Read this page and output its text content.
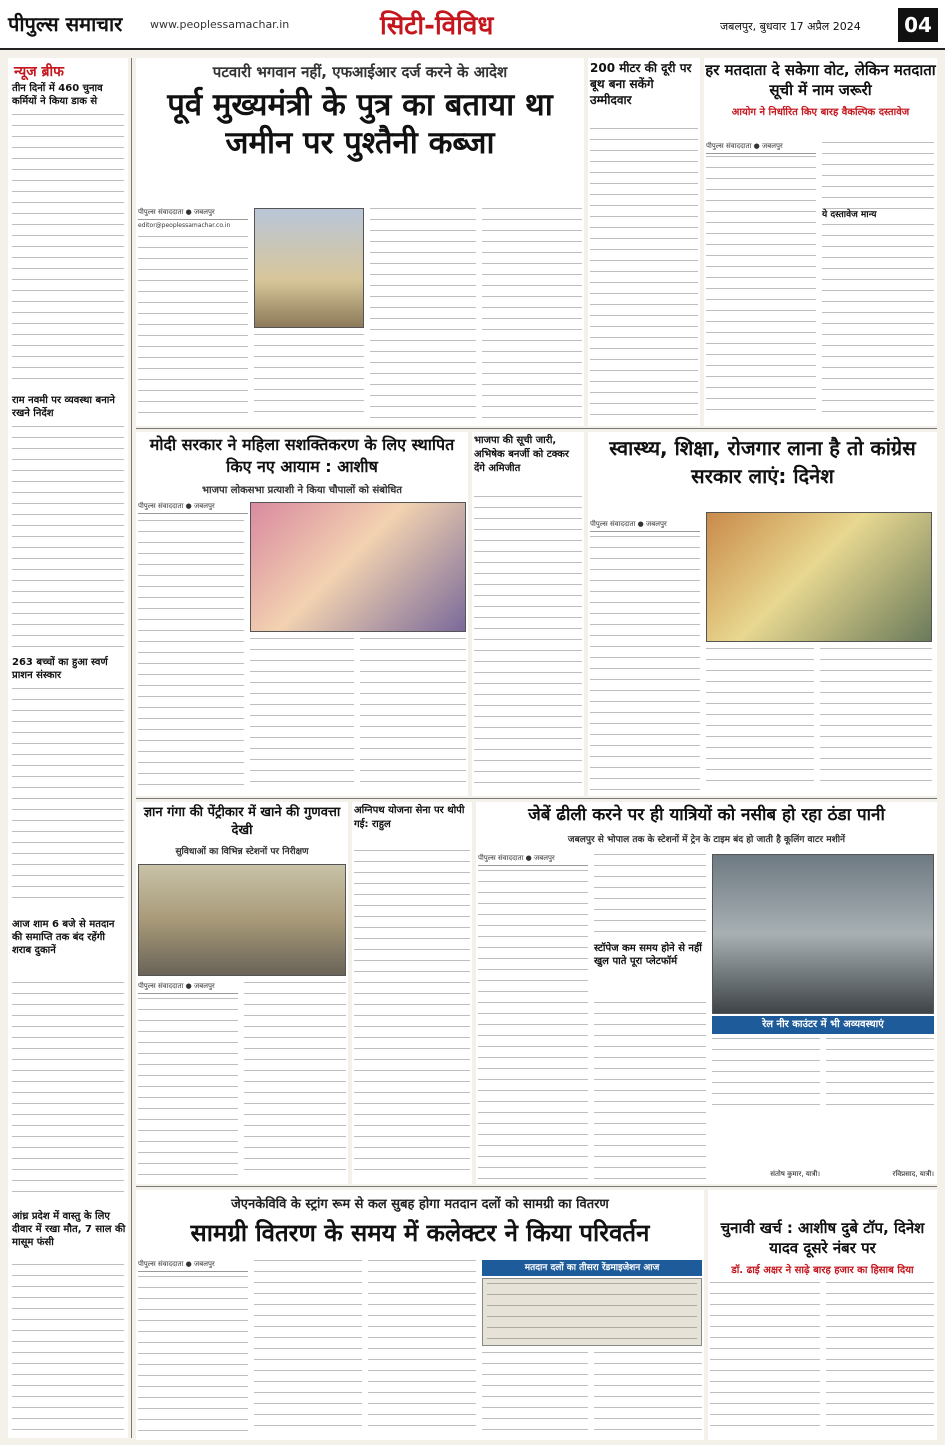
पीपुल्स समाचार	www.peoplessamachar.in	सिटी-विविध	जबलपुर, बुधवार 17 अप्रैल 2024	04
न्यूज ब्रीफ
तीन दिनों में 460 चुनाव कर्मियों ने किया डाक से
राम नवमी पर व्यवस्था बनाने रखने निर्देश
263 बच्चों का हुआ स्वर्ण प्राशन संस्कार
आज शाम 6 बजे से मतदान की समाप्ति तक बंद रहेंगी शराब दुकानें
आंध्र प्रदेश में वास्तु के लिए दीवार में रखा मौत, 7 साल की मासूम फंसी
पटवारी भगवान नहीं, एफआईआर दर्ज करने के आदेश
पूर्व मुख्यमंत्री के पुत्र का बताया था जमीन पर पुश्तैनी कब्जा
पीपुल्स संवाददाता ● जबलपुर
editor@peoplessamachar.co.in
200 मीटर की दूरी पर बूथ बना सकेंगे उम्मीदवार
हर मतदाता दे सकेगा वोट, लेकिन मतदाता सूची में नाम जरूरी
आयोग ने निर्धारित किए बारह वैकल्पिक दस्तावेज
पीपुल्स संवाददाता ● जबलपुर
ये दस्तावेज मान्य
मोदी सरकार ने महिला सशक्तिकरण के लिए स्थापित किए नए आयाम : आशीष
भाजपा लोकसभा प्रत्याशी ने किया चौपालों को संबोधित
पीपुल्स संवाददाता ● जबलपुर
भाजपा की सूची जारी, अभिषेक बनर्जी को टक्कर देंगे अमिजीत
स्वास्थ्य, शिक्षा, रोजगार लाना है तो कांग्रेस सरकार लाएं: दिनेश
पीपुल्स संवाददाता ● जबलपुर
ज्ञान गंगा की पेंट्रीकार में खाने की गुणवत्ता देखी
सुविधाओं का विभिन्न स्टेशनों पर निरीक्षण
पीपुल्स संवाददाता ● जबलपुर
अग्निपथ योजना सेना पर थोपी गई: राहुल	जेबें ढीली करने पर ही यात्रियों को नसीब हो रहा ठंडा पानी
जबलपुर से भोपाल तक के स्टेशनों में ट्रेन के टाइम बंद हो जाती है कूलिंग वाटर मशीनें
पीपुल्स संवाददाता ● जबलपुर
स्टॉपेज कम समय होने से नहीं खुल पाते पूरा प्लेटफॉर्म
रेल नीर काउंटर में भी अव्यवस्थाएं
संतोष कुमार, यात्री।	रविप्रसाद, यात्री।
जेएनकेविवि के स्ट्रांग रूम से कल सुबह होगा मतदान दलों को सामग्री का वितरण
सामग्री वितरण के समय में कलेक्टर ने किया परिवर्तन
पीपुल्स संवाददाता ● जबलपुर	मतदान दलों का तीसरा रेंडमाइजेशन आज
चुनावी खर्च : आशीष दुबे टॉप, दिनेश यादव दूसरे नंबर पर
डॉ. ढाई अक्षर ने साढ़े बारह हजार का हिसाब दिया
